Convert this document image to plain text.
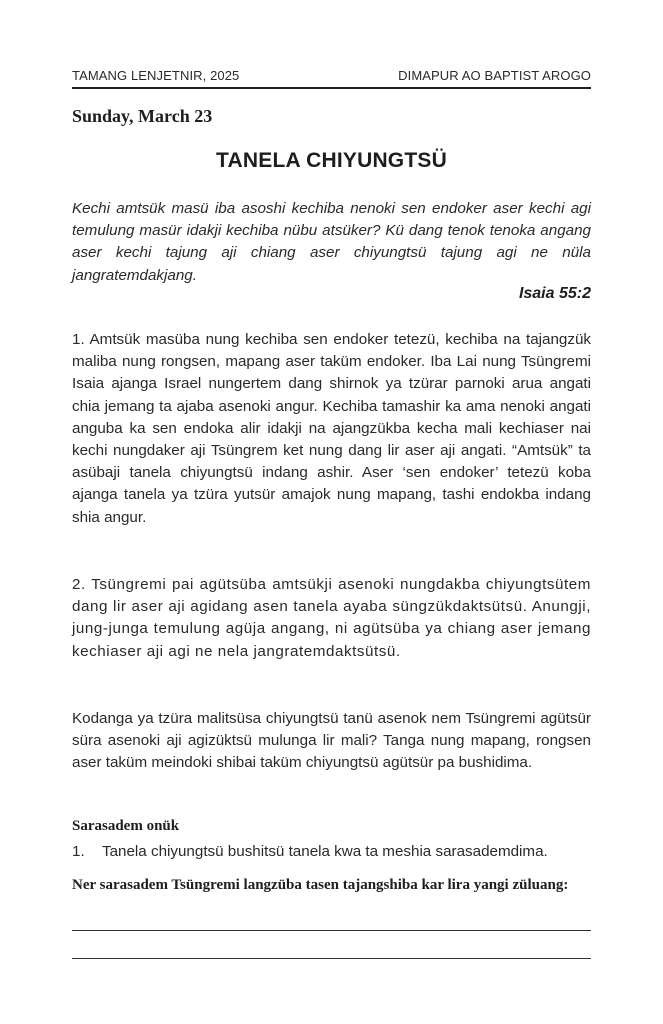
TAMANG LENJETNIR, 2025	DIMAPUR AO BAPTIST AROGO
Sunday, March 23
TANELA CHIYUNGTSÜ
Kechi amtsük masü iba asoshi kechiba nenoki sen endoker aser kechi agi temulung masür idakji kechiba nübu atsüker? Kü dang tenok tenoka angang aser kechi tajung aji chiang aser chiyungtsü tajung agi ne nüla jangratemdakjang.
Isaia 55:2
1. Amtsük masüba nung kechiba sen endoker tetezü, kechiba na tajangzük maliba nung rongsen, mapang aser taküm endoker. Iba Lai nung Tsüngremi Isaia ajanga Israel nungertem dang shirnok ya tzürar parnoki arua angati chia jemang ta ajaba asenoki angur. Kechiba tamashir ka ama nenoki angati anguba ka sen endoka alir idakji na ajangzükba kecha mali kechiaser nai kechi nungdaker aji Tsüngrem ket nung dang lir aser aji angati. “Amtsük” ta asübaji tanela chiyungtsü indang ashir. Aser ‘sen endoker’ tetezü koba ajanga tanela ya tzüra yutsür amajok nung mapang, tashi endokba indang shia angur.
2. Tsüngremi pai agütsüba amtsükji asenoki nungdakba chiyungtsütem dang lir aser aji agidang asen tanela ayaba süngzükdaktsütsü. Anungji, jung-junga temulung agüja angang, ni agütsüba ya chiang aser jemang kechiaser aji agi ne nela jangratemdaktsütsü.
Kodanga ya tzüra malitsüsa chiyungtsü tanü asenok nem Tsüngremi agütsür süra asenoki aji agizüktsü mulunga lir mali? Tanga nung mapang, rongsen aser taküm meindoki shibai taküm chiyungtsü agütsür pa bushidima.
Sarasadem onük
1.	Tanela chiyungtsü bushitsü tanela kwa ta meshia sarasademdima.
Ner sarasadem Tsüngremi langzüba tasen tajangshiba kar lira yangi züluang:
